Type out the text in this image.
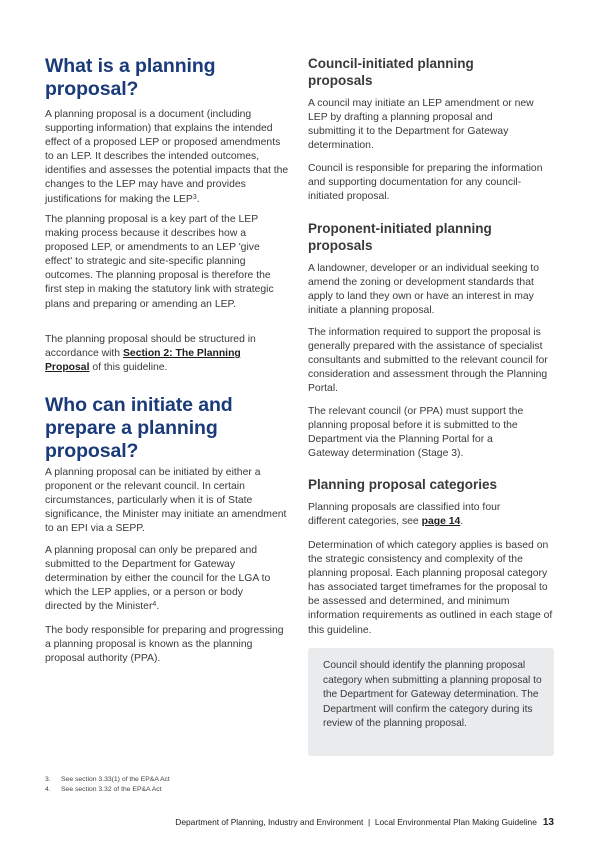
What is a planning proposal?

A planning proposal is a document (including supporting information) that explains the intended effect of a proposed LEP or proposed amendments to an LEP. It describes the intended outcomes, identifies and assesses the potential impacts that the changes to the LEP may have and provides justifications for making the LEP$^3$.

The planning proposal is a key part of the LEP making process because it describes how a proposed LEP, or amendments to an LEP 'give effect' to strategic and site-specific planning outcomes. The planning proposal is therefore the first step in making the statutory link with strategic plans and preparing or amending an LEP.

The planning proposal should be structured in accordance with Section 2: The Planning Proposal of this guideline.

Who can initiate and prepare a planning proposal?

A planning proposal can be initiated by either a proponent or the relevant council. In certain circumstances, particularly when it is of State significance, the Minister may initiate an amendment to an EPI via a SEPP.

A planning proposal can only be prepared and submitted to the Department for Gateway determination by either the council for the LGA to which the LEP applies, or a person or body directed by the Minister$^4$.

The body responsible for preparing and progressing a planning proposal is known as the planning proposal authority (PPA).

Council-initiated planning proposals

A council may initiate an LEP amendment or new LEP by drafting a planning proposal and submitting it to the Department for Gateway determination.

Council is responsible for preparing the information and supporting documentation for any council-initiated proposal.

Proponent-initiated planning proposals

A landowner, developer or an individual seeking to amend the zoning or development standards that apply to land they own or have an interest in may initiate a planning proposal.

The information required to support the proposal is generally prepared with the assistance of specialist consultants and submitted to the relevant council for consideration and assessment through the Planning Portal.

The relevant council (or PPA) must support the planning proposal before it is submitted to the Department via the Planning Portal for a Gateway determination (Stage 3).

Planning proposal categories

Planning proposals are classified into four different categories, see page 14.

Determination of which category applies is based on the strategic consistency and complexity of the planning proposal. Each planning proposal category has associated target timeframes for the proposal to be assessed and determined, and minimum information requirements as outlined in each stage of this guideline.

Council should identify the planning proposal category when submitting a planning proposal to the Department for Gateway determination. The Department will confirm the category during its review of the planning proposal.

3. See section 3.33(1) of the EP&A Act
4. See section 3.32 of the EP&A Act
Department of Planning, Industry and Environment  |  Local Environmental Plan Making Guideline 13
